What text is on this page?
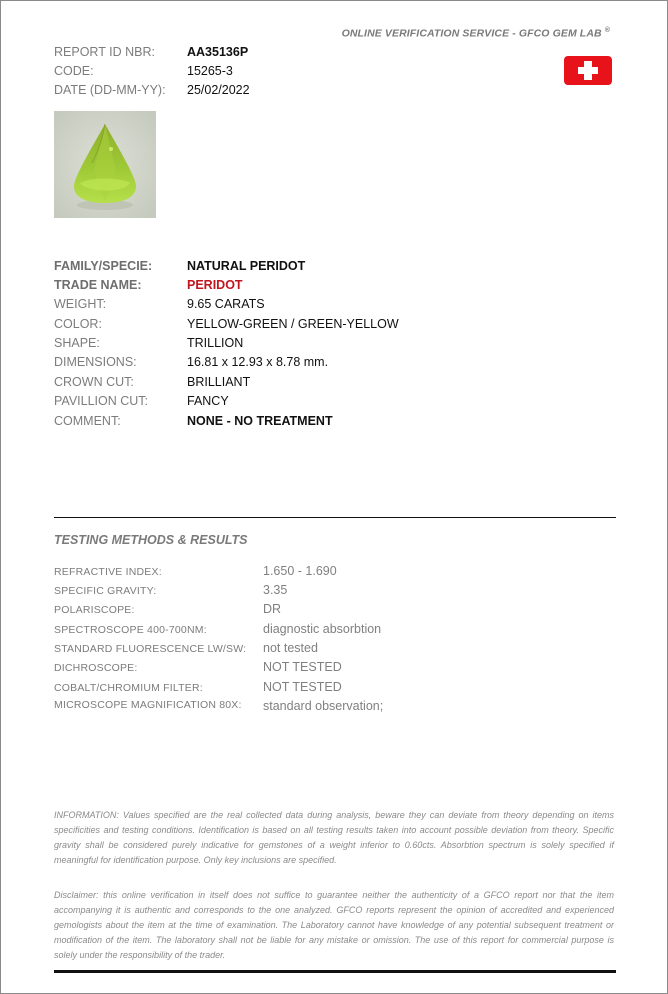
ONLINE VERIFICATION SERVICE - GFCO GEM LAB ®
REPORT ID NBR:	AA35136P
CODE:	15265-3
DATE (DD-MM-YY): 25/02/2022
FAMILY/SPECIE:	NATURAL PERIDOT
TRADE NAME:	PERIDOT
WEIGHT:	9.65 CARATS
COLOR:	YELLOW-GREEN / GREEN-YELLOW
SHAPE:	TRILLION
DIMENSIONS:	16.81 x 12.93 x 8.78 mm.
CROWN CUT:	BRILLIANT
PAVILLION CUT:	FANCY
COMMENT:	NONE - NO TREATMENT
TESTING METHODS & RESULTS
REFRACTIVE INDEX:	1.650 - 1.690
SPECIFIC GRAVITY:	3.35
POLARISCOPE:	DR
SPECTROSCOPE 400-700NM:	diagnostic absorbtion
STANDARD FLUORESCENCE LW/SW: not tested
DICHROSCOPE:	NOT TESTED
COBALT/CHROMIUM FILTER:	NOT TESTED
MICROSCOPE MAGNIFICATION 80X: standard observation;
INFORMATION: Values specified are the real collected data during analysis, beware they can deviate from theory depending on items specificities and testing conditions. Identification is based on all testing results taken into account possible deviation from theory. Specific gravity shall be considered purely indicative for gemstones of a weight inferior to 0.60cts. Absorbtion spectrum is solely specified if meaningful for identification purpose. Only key inclusions are specified.
Disclaimer: this online verification in itself does not suffice to guarantee neither the authenticity of a GFCO report nor that the item accompanying it is authentic and corresponds to the one analyzed. GFCO reports represent the opinion of accredited and experienced gemologists about the item at the time of examination. The Laboratory cannot have knowledge of any potential subsequent treatment or modification of the item. The laboratory shall not be liable for any mistake or omission. The use of this report for commercial purpose is solely under the responsibility of the trader.
